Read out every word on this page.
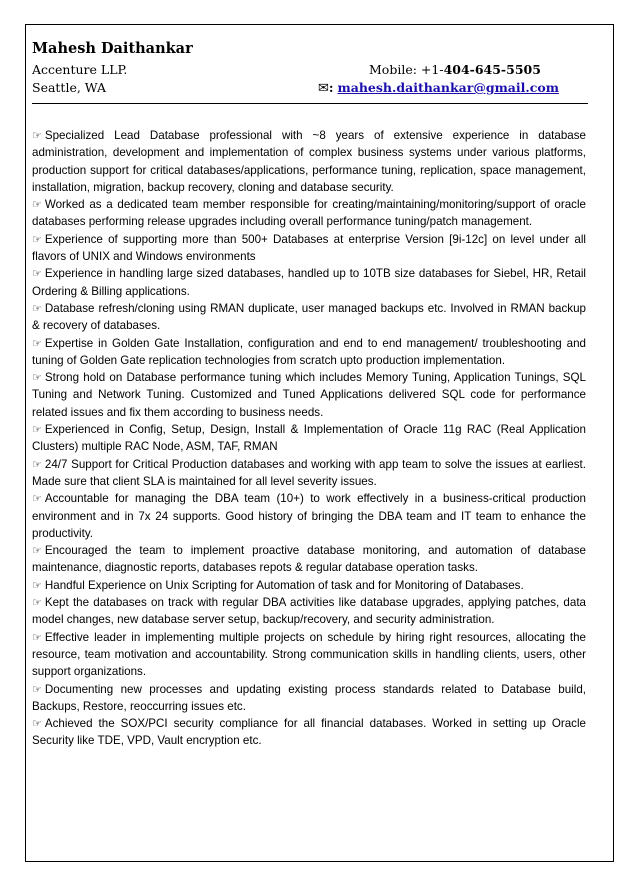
Mahesh Daithankar
Accenture LLP.
Seattle, WA
Mobile: +1-404-645-5505
✉: mahesh.daithankar@gmail.com

☞ Specialized Lead Database professional with ~8 years of extensive experience in database administration, development and implementation of complex business systems under various platforms, production support for critical databases/applications, performance tuning, replication, space management, installation, migration, backup recovery, cloning and database security.

☞ Worked as a dedicated team member responsible for creating/maintaining/monitoring/support of oracle databases performing release upgrades including overall performance tuning/patch management.

☞ Experience of supporting more than 500+ Databases at enterprise Version [9i-12c] on level under all flavors of UNIX and Windows environments

☞ Experience in handling large sized databases, handled up to 10TB size databases for Siebel, HR, Retail Ordering & Billing applications.

☞ Database refresh/cloning using RMAN duplicate, user managed backups etc. Involved in RMAN backup & recovery of databases.

☞ Expertise in Golden Gate Installation, configuration and end to end management/ troubleshooting and tuning of Golden Gate replication technologies from scratch upto production implementation.

☞ Strong hold on Database performance tuning which includes Memory Tuning, Application Tunings, SQL Tuning and Network Tuning. Customized and Tuned Applications delivered SQL code for performance related issues and fix them according to business needs.

☞ Experienced in Config, Setup, Design, Install & Implementation of Oracle 11g RAC (Real Application Clusters) multiple RAC Node, ASM, TAF, RMAN

☞ 24/7 Support for Critical Production databases and working with app team to solve the issues at earliest. Made sure that client SLA is maintained for all level severity issues.

☞ Accountable for managing the DBA team (10+) to work effectively in a business-critical production environment and in 7x 24 supports. Good history of bringing the DBA team and IT team to enhance the productivity.

☞ Encouraged the team to implement proactive database monitoring, and automation of database maintenance, diagnostic reports, databases repots & regular database operation tasks.

☞ Handful Experience on Unix Scripting for Automation of task and for Monitoring of Databases.

☞ Kept the databases on track with regular DBA activities like database upgrades, applying patches, data model changes, new database server setup, backup/recovery, and security administration.

☞ Effective leader in implementing multiple projects on schedule by hiring right resources, allocating the resource, team motivation and accountability. Strong communication skills in handling clients, users, other support organizations.

☞ Documenting new processes and updating existing process standards related to Database build, Backups, Restore, reoccurring issues etc.

☞ Achieved the SOX/PCI security compliance for all financial databases. Worked in setting up Oracle Security like TDE, VPD, Vault encryption etc.
